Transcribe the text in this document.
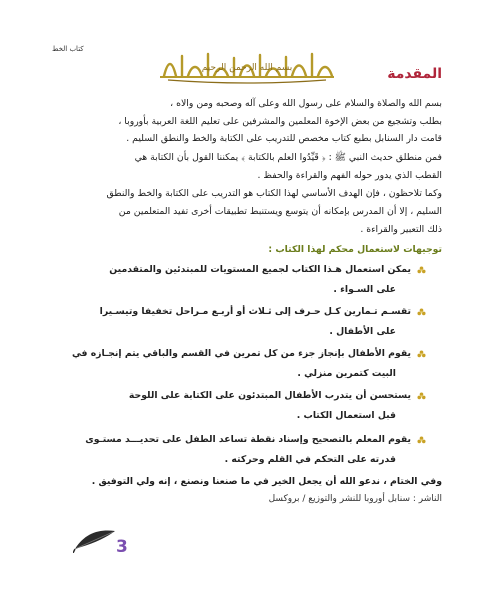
كتاب الخط
بسم الله الرحمن الرحيم	المقدمة
بسم الله والصلاة والسلام على رسول الله وعلى آله وصحبه ومن والاه ،
بطلب وتشجيع من بعض الإخوة المعلمين والمشرفين على تعليم اللغة العربية بأوروبا ،
قامت دار السنابل بطبع كتاب مخصص للتدريب على الكتابة والخط والنطق السليم .
فمن منطلق حديث النبي ﷺ : ﴿ قَيِّدُوا العلم بالكتابة ﴾ يمكننا القول بأن الكتابة هي
القطب الذي يدور حوله الفهم والقراءة والحفظ .
وكما تلاحظون ، فإن الهدف الأساسي لهذا الكتاب هو التدريب على الكتابة والخط والنطق
السليم ، إلا أن المدرس بإمكانه أن يتوسع ويستنبط تطبيقات أخرى تفيد المتعلمين من
ذلك التعبير والقراءة .
توجيهات لاستعمال محكم لهذا الكتاب :
يمكن استعمال هـذا الكتاب لجميع المستويات للمبتدئين والمتقدمين
على السـواء .
تقسـم تـمارين كـل حـرف إلى ثـلاث أو أربـع مـراحل تخفيفا وتيسـيرا
على الأطفال .
يقوم الأطفال بإنجاز جزء من كل تمرين في القسم والباقي يتم إنجـازه في
البيت كتمرين منزلي .
يستحسن أن يتدرب الأطفال المبتدئون على الكتابة على اللوحة
قبل استعمال الكتاب .
يقوم المعلم بالتصحيح وإسناد نقطة تساعد الطفل على تحديـــد مستـوى
قدرته على التحكم في القلم وحركته .
وفي الختام ، ندعو الله أن يجعل الخير في ما صنعنا ونصنع ، إنه ولي التوفيق .
الناشر : سنابل أوروبا للنشر والتوزيع / بروكسل
3
